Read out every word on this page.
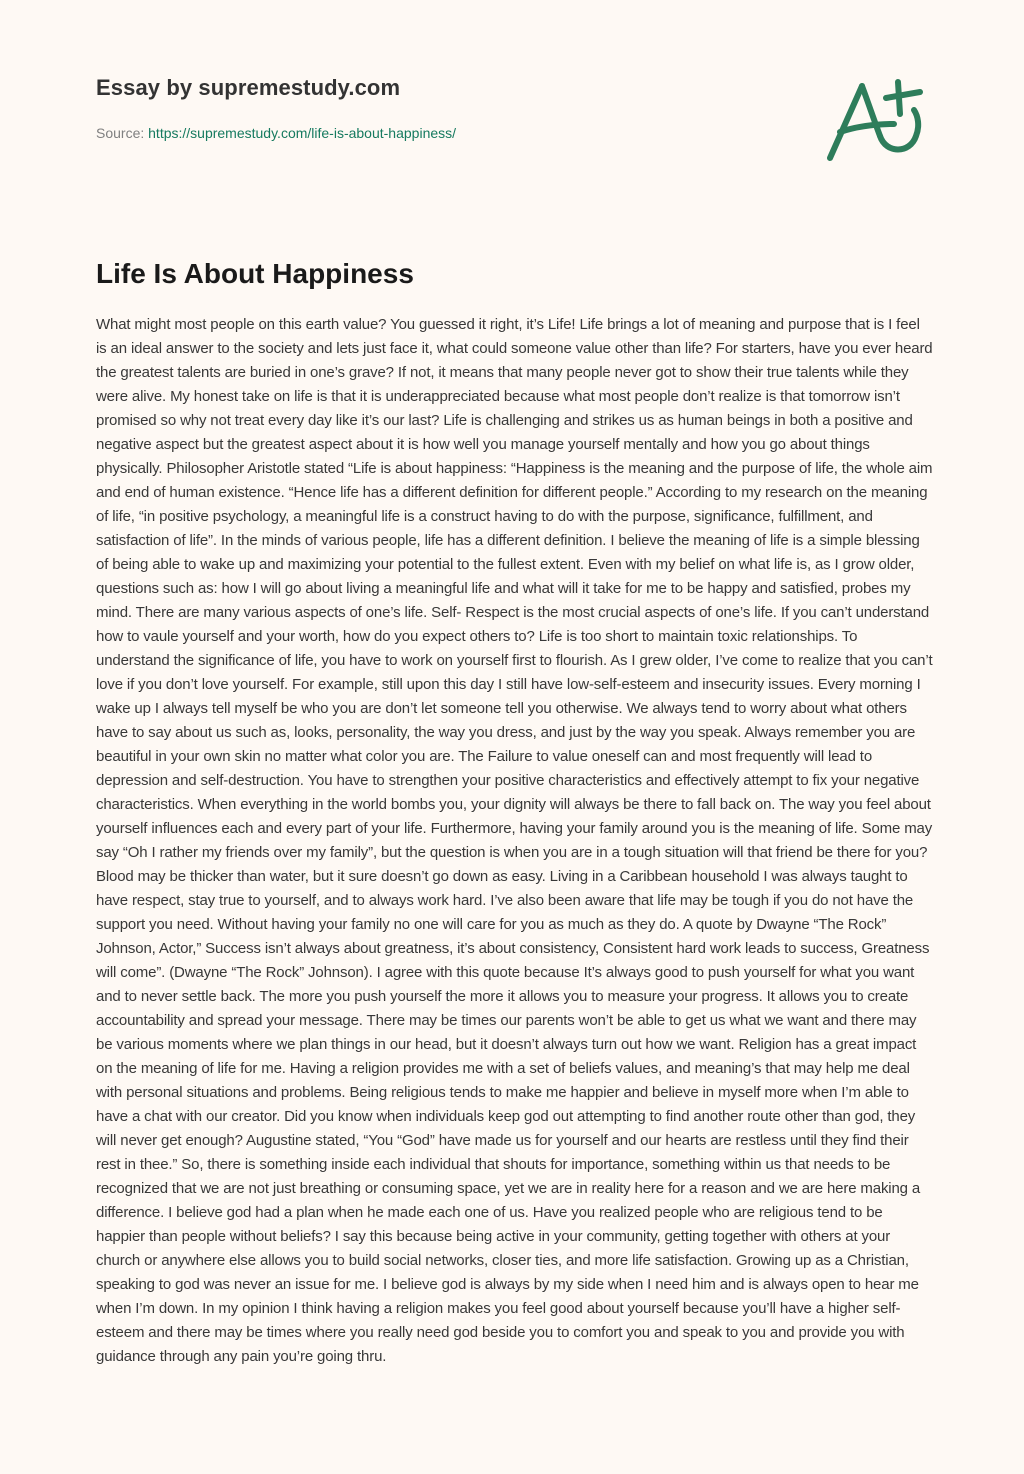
Essay by supremestudy.com
Source: https://supremestudy.com/life-is-about-happiness/
Life Is About Happiness

What might most people on this earth value? You guessed it right, it’s Life! Life brings a lot of meaning and purpose that is I feel is an ideal answer to the society and lets just face it, what could someone value other than life? For starters, have you ever heard the greatest talents are buried in one’s grave? If not, it means that many people never got to show their true talents while they were alive. My honest take on life is that it is underappreciated because what most people don’t realize is that tomorrow isn’t promised so why not treat every day like it’s our last? Life is challenging and strikes us as human beings in both a positive and negative aspect but the greatest aspect about it is how well you manage yourself mentally and how you go about things physically. Philosopher Aristotle stated “Life is about happiness: “Happiness is the meaning and the purpose of life, the whole aim and end of human existence. “Hence life has a different definition for different people.” According to my research on the meaning of life, “in positive psychology, a meaningful life is a construct having to do with the purpose, significance, fulfillment, and satisfaction of life”. In the minds of various people, life has a different definition. I believe the meaning of life is a simple blessing of being able to wake up and maximizing your potential to the fullest extent. Even with my belief on what life is, as I grow older, questions such as: how I will go about living a meaningful life and what will it take for me to be happy and satisfied, probes my mind. There are many various aspects of one’s life. Self- Respect is the most crucial aspects of one’s life. If you can’t understand how to vaule yourself and your worth, how do you expect others to? Life is too short to maintain toxic relationships. To understand the significance of life, you have to work on yourself first to flourish. As I grew older, I’ve come to realize that you can’t love if you don’t love yourself. For example, still upon this day I still have low-self-esteem and insecurity issues. Every morning I wake up I always tell myself be who you are don’t let someone tell you otherwise. We always tend to worry about what others have to say about us such as, looks, personality, the way you dress, and just by the way you speak. Always remember you are beautiful in your own skin no matter what color you are. The Failure to value oneself can and most frequently will lead to depression and self-destruction. You have to strengthen your positive characteristics and effectively attempt to fix your negative characteristics. When everything in the world bombs you, your dignity will always be there to fall back on. The way you feel about yourself influences each and every part of your life. Furthermore, having your family around you is the meaning of life. Some may say “Oh I rather my friends over my family”, but the question is when you are in a tough situation will that friend be there for you? Blood may be thicker than water, but it sure doesn’t go down as easy. Living in a Caribbean household I was always taught to have respect, stay true to yourself, and to always work hard. I’ve also been aware that life may be tough if you do not have the support you need. Without having your family no one will care for you as much as they do. A quote by Dwayne “The Rock” Johnson, Actor,” Success isn’t always about greatness, it’s about consistency, Consistent hard work leads to success, Greatness will come”. (Dwayne “The Rock” Johnson). I agree with this quote because It’s always good to push yourself for what you want and to never settle back. The more you push yourself the more it allows you to measure your progress. It allows you to create accountability and spread your message. There may be times our parents won’t be able to get us what we want and there may be various moments where we plan things in our head, but it doesn’t always turn out how we want. Religion has a great impact on the meaning of life for me. Having a religion provides me with a set of beliefs values, and meaning’s that may help me deal with personal situations and problems. Being religious tends to make me happier and believe in myself more when I’m able to have a chat with our creator. Did you know when individuals keep god out attempting to find another route other than god, they will never get enough? Augustine stated, “You “God” have made us for yourself and our hearts are restless until they find their rest in thee.” So, there is something inside each individual that shouts for importance, something within us that needs to be recognized that we are not just breathing or consuming space, yet we are in reality here for a reason and we are here making a difference. I believe god had a plan when he made each one of us. Have you realized people who are religious tend to be happier than people without beliefs? I say this because being active in your community, getting together with others at your church or anywhere else allows you to build social networks, closer ties, and more life satisfaction. Growing up as a Christian, speaking to god was never an issue for me. I believe god is always by my side when I need him and is always open to hear me when I’m down. In my opinion I think having a religion makes you feel good about yourself because you’ll have a higher self-esteem and there may be times where you really need god beside you to comfort you and speak to you and provide you with guidance through any pain you’re going thru.
